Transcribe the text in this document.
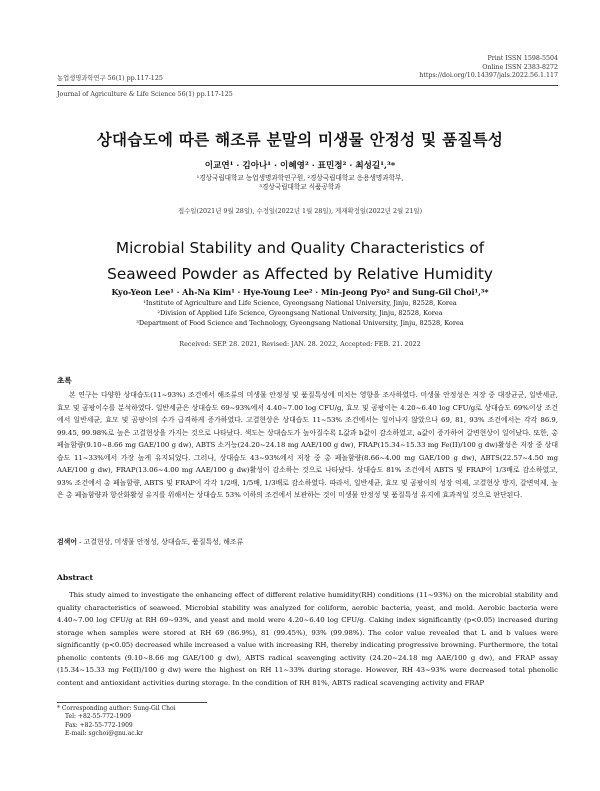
Print ISSN 1598-5504
Online ISSN 2383-8272
https://doi.org/10.14397/jals.2022.56.1.117
농업생명과학연구 56(1) pp.117-125
Journal of Agriculture & Life Science 56(1) pp.117-125
상대습도에 따른 해조류 분말의 미생물 안정성 및 품질특성
이교연¹ · 김아나¹ · 이혜영² · 표민정² · 최성길¹,³*
¹경상국립대학교 농업생명과학연구원, ²경상국립대학교 응용생명과학부,
³경상국립대학교 식품공학과
접수일(2021년 9월 28일), 수정일(2022년 1월 28일), 게재확정일(2022년 2월 21일)
Microbial Stability and Quality Characteristics of Seaweed Powder as Affected by Relative Humidity
Kyo-Yeon Lee¹ · Ah-Na Kim¹ · Hye-Young Lee² · Min-Jeong Pyo² and Sung-Gil Choi¹,³*
¹Institute of Agriculture and Life Science, Gyeongsang National University, Jinju, 82528, Korea
²Division of Applied Life Science, Gyeongsang National University, Jinju, 82528, Korea
³Department of Food Science and Technology, Gyeongsang National University, Jinju, 82528, Korea
Received: SEP. 28. 2021, Revised: JAN. 28. 2022, Accepted: FEB. 21. 2022
초록

본 연구는 다양한 상대습도(11~93%) 조건에서 해조류의 미생물 안정성 및 품질특성에 미치는 영향을 조사하였다. 미생물 안정성은 저장 중 대장균군, 일반세균, 효모 및 곰팡이수를 분석하였다. 일반세균은 상대습도 69~93%에서 4.40~7.00 log CFU/g, 효모 및 곰팡이는 4.20~6.40 log CFU/g로 상대습도 69%이상 조건에서 일반세균, 효모 및 곰팡이의 수가 급격하게 증가하였다. 고결현상은 상대습도 11~53% 조건에서는 일어나지 않았으나 69, 81, 93% 조건에서는 각각 86.9, 99.45, 99.98%로 높은 고결현상을 가지는 것으로 나타났다. 색도는 상대습도가 높아질수록 L값과 b값이 감소하였고, a값이 증가하여 갈변현상이 일어났다. 또한, 총 페놀함량(9.10~8.66 mg GAE/100 g dw), ABTS 소거능(24.20~24.18 mg AAE/100 g dw), FRAP(15.34~15.33 mg Fe(II)/100 g dw)활성은 저장 중 상대습도 11~33%에서 가장 높게 유지되었다. 그러나, 상대습도 43~93%에서 저장 중 총 페놀함량(8.66~4.00 mg GAE/100 g dw), ABTS(22.57~4.50 mg AAE/100 g dw), FRAP(13.06~4.00 mg AAE/100 g dw)활성이 감소하는 것으로 나타났다. 상대습도 81% 조건에서 ABTS 및 FRAP이 1/3배로 감소하였고, 93% 조건에서 총 페놀함량, ABTS 및 FRAP이 각각 1/2배, 1/5배, 1/3배로 감소하였다. 따라서, 일반세균, 효모 및 곰팡이의 성장 억제, 고결현상 방지, 갈변억제, 높은 총 페놀함량과 항산화활성 유지를 위해서는 상대습도 53% 이하의 조건에서 보관하는 것이 미생물 안정성 및 품질특성 유지에 효과적일 것으로 판단된다.

검색어 - 고결현상, 미생물 안정성, 상대습도, 품질특성, 해조류
Abstract

This study aimed to investigate the enhancing effect of different relative humidity(RH) conditions (11~93%) on the microbial stability and quality characteristics of seaweed. Microbial stability was analyzed for coliform, aerobic bacteria, yeast, and mold. Aerobic bacteria were 4.40~7.00 log CFU/g at RH 69~93%, and yeast and mold were 4.20~6.40 log CFU/g. Caking index significantly (p<0.05) increased during storage when samples were stored at RH 69 (86.9%), 81 (99.45%), 93% (99.98%). The color value revealed that L and b values were significantly (p<0.05) decreased while increased a value with increasing RH, thereby indicating progressive browning. Furthermore, the total phenolic contents (9.10~8.66 mg GAE/100 g dw), ABTS radical scavenging activity (24.20~24.18 mg AAE/100 g dw), and FRAP assay (15.34~15.33 mg Fe(II)/100 g dw) were the highest on RH 11~33% during storage. However, RH 43~93% were decreased total phenolic content and antioxidant activities during storage. In the condition of RH 81%, ABTS radical scavenging activity and FRAP

* Corresponding author: Sung-Gil Choi
Tel: +82-55-772-1909
Fax: +82-55-772-1909
E-mail: sgchoi@gnu.ac.kr
